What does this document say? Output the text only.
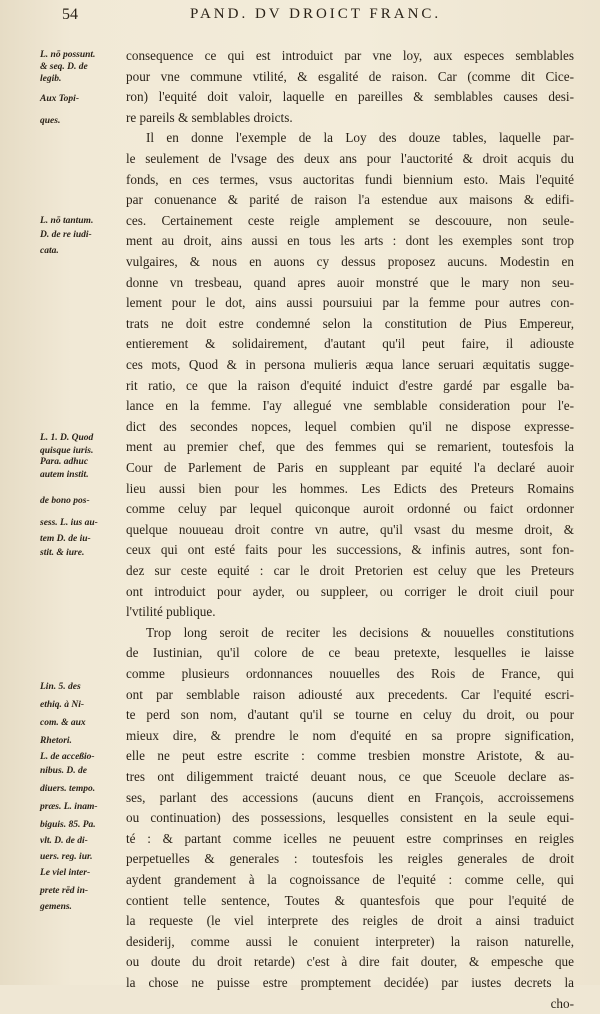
54	PAND. DV DROICT FRANC.
L. nō possunt.
& seq. D. de
legib.
Aux Topi-
ques.
L. nō tantum.
D. de re iudi-
cata.
L. 1. D. Quod
quisque iuris.
Para. adhuc
autem instit.
de bono pos-
sess. L. ius au-
tem D. de iu-
stit. & iure.
Lin. 5. des
ethiq. à Ni-
com. & aux
Rhetori.
L. de acceßio-
nibus. D. de
diuers. tempo.
præs. L. inam-
biguis. 85. Pa.
vlt. D. de di-
uers. reg. iur.
Le viel inter-
prete rēd in-
gemens.
consequence ce qui est introduict par vne loy, aux especes semblables
pour vne commune vtilité, & esgalité de raison. Car (comme dit Cice-
ron) l'equité doit valoir, laquelle en pareilles & semblables causes desi-
re pareils & semblables droicts.
Il en donne l'exemple de la Loy des douze tables, laquelle par-
le seulement de l'vsage des deux ans pour l'auctorité & droit acquis du
fonds, en ces termes, vsus auctoritas fundi biennium esto. Mais l'equité
par conuenance & parité de raison l'a estendue aux maisons & edifi-
ces. Certainement ceste reigle amplement se descouure, non seule-
ment au droit, ains aussi en tous les arts : dont les exemples sont trop
vulgaires, & nous en auons cy dessus proposez aucuns. Modestin en
donne vn tresbeau, quand apres auoir monstré que le mary non seu-
lement pour le dot, ains aussi poursuiui par la femme pour autres con-
trats ne doit estre condemné selon la constitution de Pius Empereur,
entierement & solidairement, d'autant qu'il peut faire, il adiouste
ces mots, Quod & in persona mulieris æqua lance seruari æquitatis sugge-
rit ratio, ce que la raison d'equité induict d'estre gardé par esgalle ba-
lance en la femme. I'ay allegué vne semblable consideration pour l'e-
dict des secondes nopces, lequel combien qu'il ne dispose expresse-
ment au premier chef, que des femmes qui se remarient, toutesfois la
Cour de Parlement de Paris en suppleant par equité l'a declaré auoir
lieu aussi bien pour les hommes. Les Edicts des Preteurs Romains
comme celuy par lequel quiconque auroit ordonné ou faict ordonner
quelque nouueau droit contre vn autre, qu'il vsast du mesme droit, &
ceux qui ont esté faits pour les successions, & infinis autres, sont fon-
dez sur ceste equité : car le droit Pretorien est celuy que les Preteurs
ont introduict pour ayder, ou suppleer, ou corriger le droit ciuil pour
l'vtilité publique.
Trop long seroit de reciter les decisions & nouuelles constitutions
de Iustinian, qu'il colore de ce beau pretexte, lesquelles ie laisse
comme plusieurs ordonnances nouuelles des Rois de France, qui
ont par semblable raison adiousté aux precedents. Car l'equité escri-
te perd son nom, d'autant qu'il se tourne en celuy du droit, ou pour
mieux dire, & prendre le nom d'equité en sa propre signification,
elle ne peut estre escrite : comme tresbien monstre Aristote, & au-
tres ont diligemment traicté deuant nous, ce que Sceuole declare as-
ses, parlant des accessions (aucuns dient en François, accroissemens
ou continuation) des possessions, lesquelles consistent en la seule equi-
té : & partant comme icelles ne peuuent estre comprinses en reigles
perpetuelles & generales : toutesfois les reigles generales de droit
aydent grandement à la cognoissance de l'equité : comme celle, qui
contient telle sentence, Toutes & quantesfois que pour l'equité de
la requeste (le viel interprete des reigles de droit a ainsi traduict
desiderij, comme aussi le conuient interpreter) la raison naturelle,
ou doute du droit retarde) c'est à dire fait douter, & empesche que
la chose ne puisse estre promptement decidée) par iustes decrets la
cho-
